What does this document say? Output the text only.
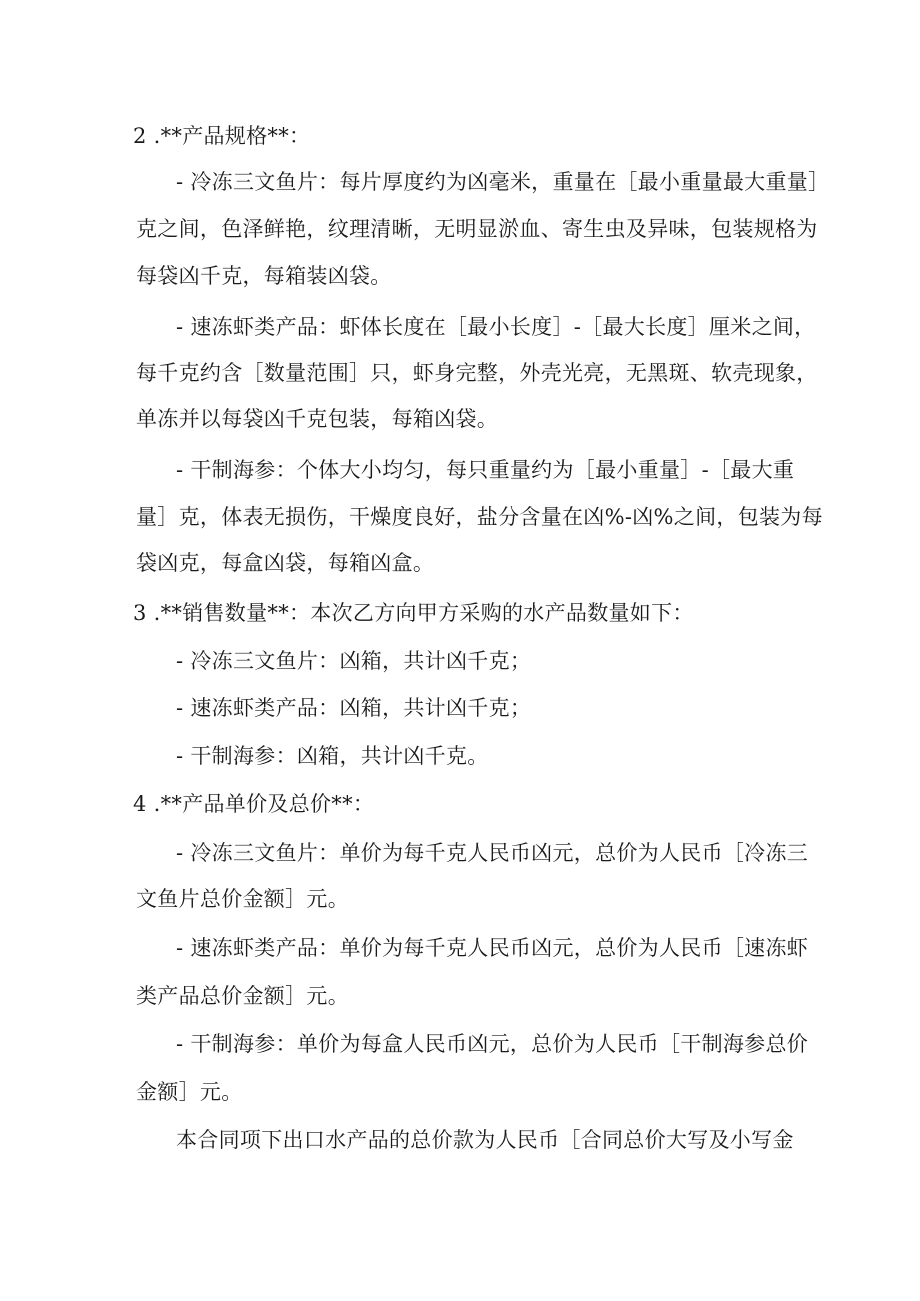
2 .**产品规格**：
- 冷冻三文鱼片：每片厚度约为凶毫米，重量在［最小重量最大重量］
克之间，色泽鲜艳，纹理清晰，无明显淤血、寄生虫及异味，包装规格为
每袋凶千克，每箱装凶袋。
- 速冻虾类产品：虾体长度在［最小长度］-［最大长度］厘米之间，
每千克约含［数量范围］只，虾身完整，外壳光亮，无黑斑、软壳现象，
单冻并以每袋凶千克包装，每箱凶袋。
- 干制海参：个体大小均匀，每只重量约为［最小重量］-［最大重
量］克，体表无损伤，干燥度良好，盐分含量在凶%-凶%之间，包装为每
袋凶克，每盒凶袋，每箱凶盒。
3 .**销售数量**：本次乙方向甲方采购的水产品数量如下：
- 冷冻三文鱼片：凶箱，共计凶千克；
- 速冻虾类产品：凶箱，共计凶千克；
- 干制海参：凶箱，共计凶千克。
4 .**产品单价及总价**：
- 冷冻三文鱼片：单价为每千克人民币凶元，总价为人民币［冷冻三
文鱼片总价金额］元。
- 速冻虾类产品：单价为每千克人民币凶元，总价为人民币［速冻虾
类产品总价金额］元。
- 干制海参：单价为每盒人民币凶元，总价为人民币［干制海参总价
金额］元。
本合同项下出口水产品的总价款为人民币［合同总价大写及小写金
